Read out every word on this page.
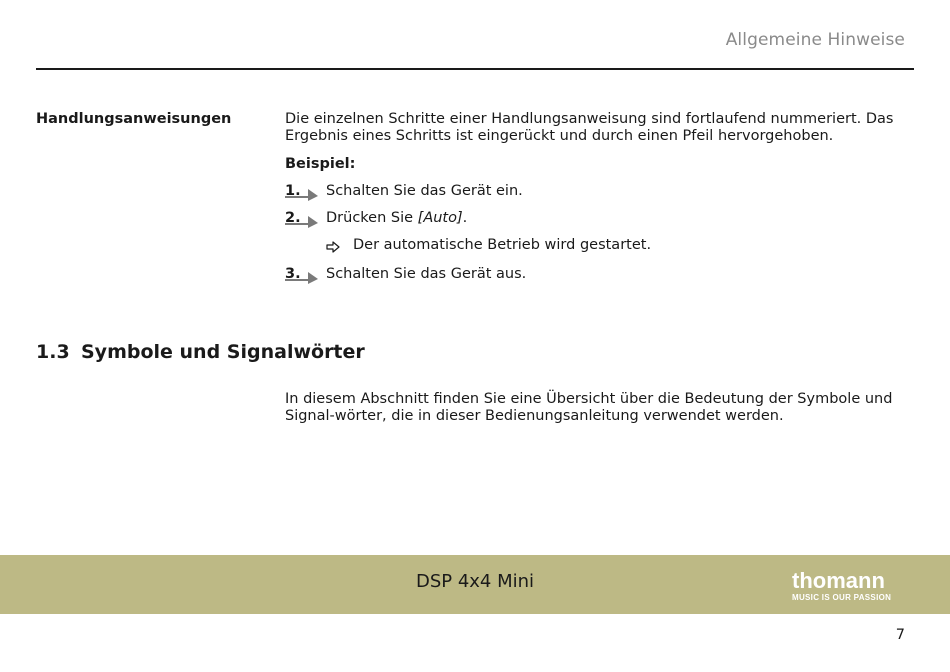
Allgemeine Hinweise
Handlungsanweisungen	Die einzelnen Schritte einer Handlungsanweisung sind fortlaufend nummeriert. Das Ergebnis eines Schritts ist eingerückt und durch einen Pfeil hervorgehoben.
Beispiel:
1. Schalten Sie das Gerät ein.
2. Drücken Sie [Auto].
Der automatische Betrieb wird gestartet.
3. Schalten Sie das Gerät aus.
1.3 Symbole und Signalwörter
In diesem Abschnitt finden Sie eine Übersicht über die Bedeutung der Symbole und Signal-wörter, die in dieser Bedienungsanleitung verwendet werden.
DSP 4x4 Mini	thomann
MUSIC IS OUR PASSION
7
